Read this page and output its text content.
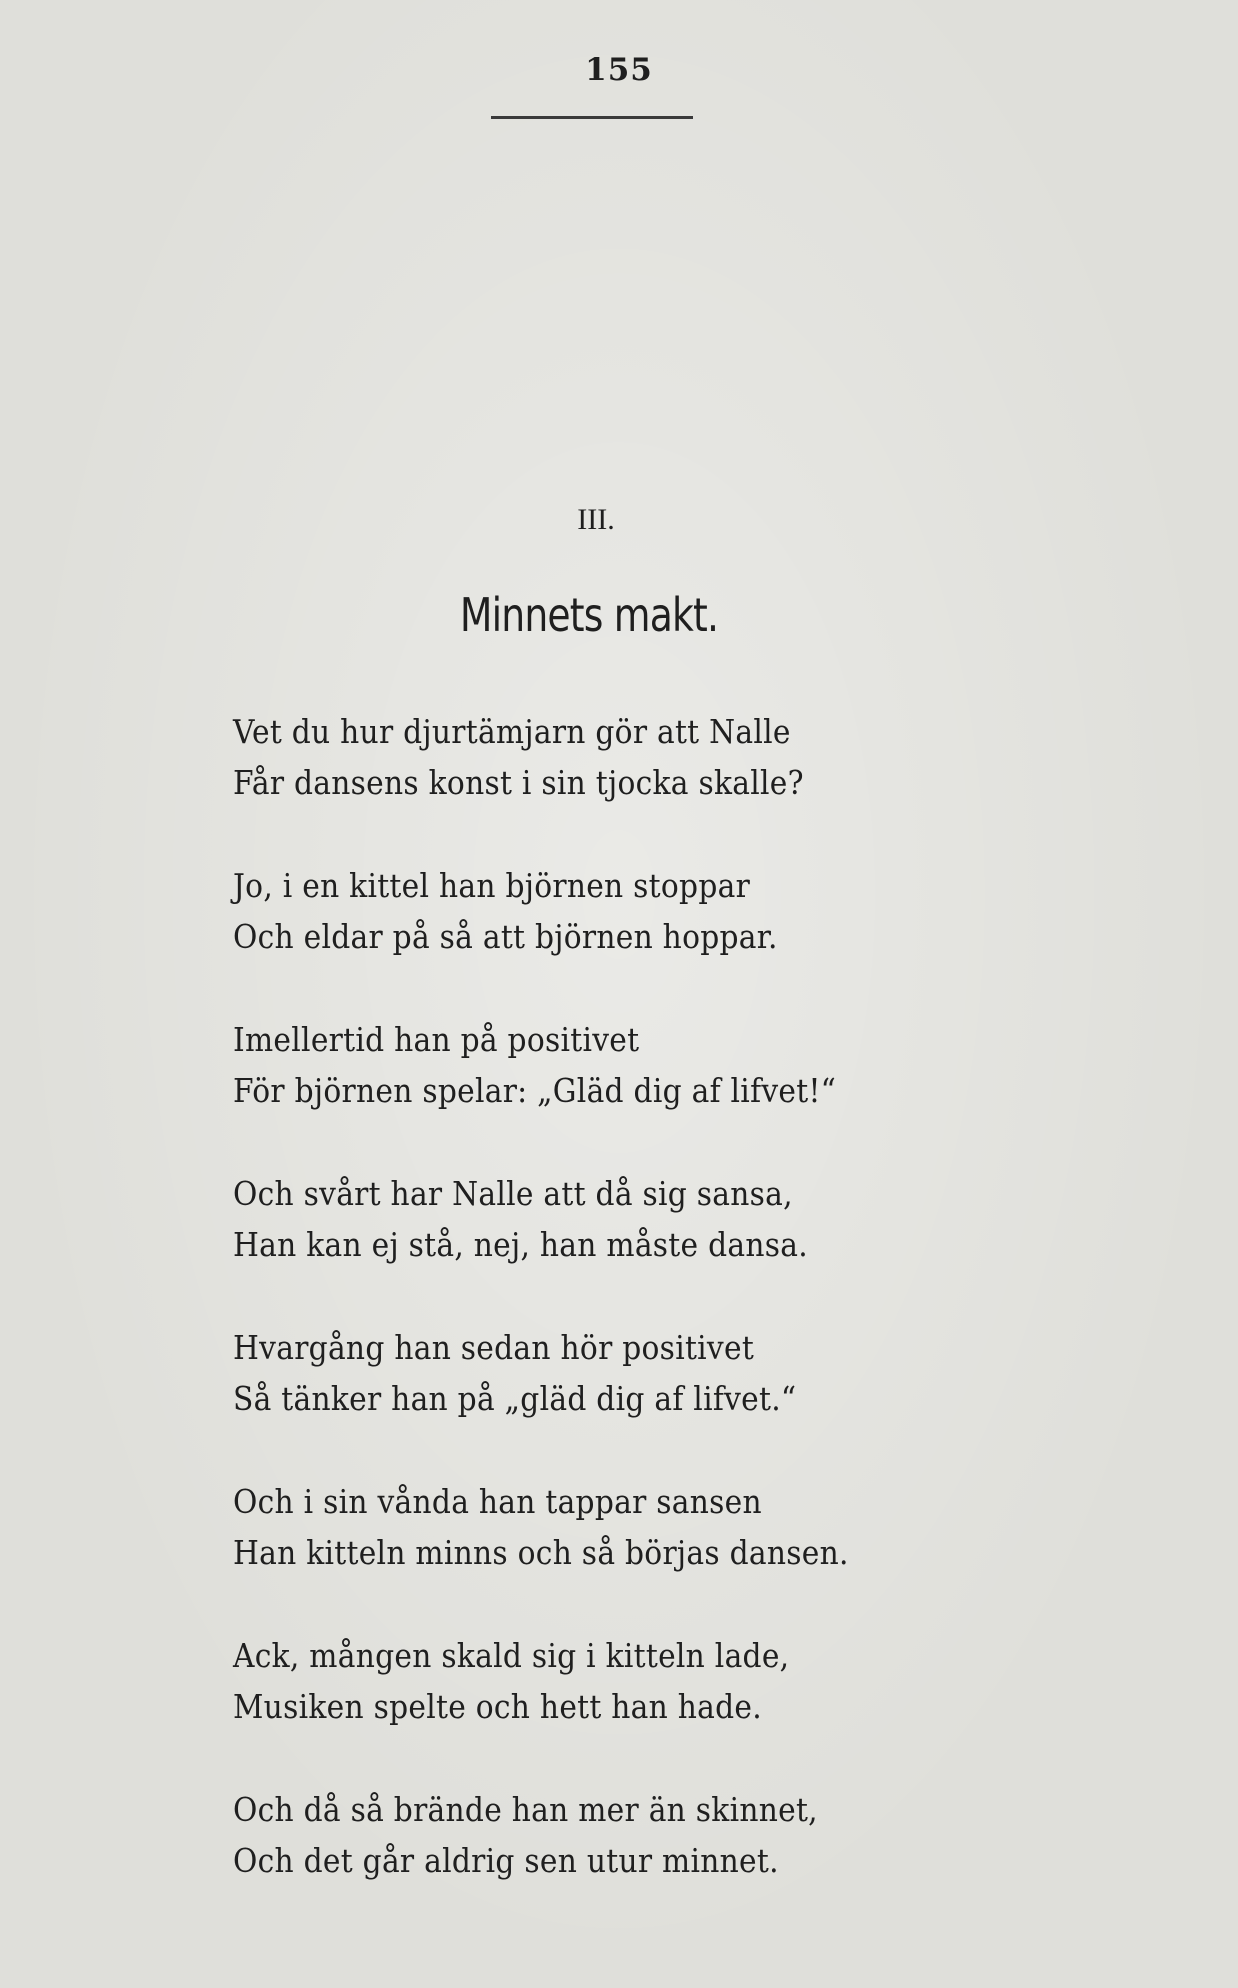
155
III.
Minnets makt.
Vet du hur djurtämjarn gör att Nalle
Får dansens konst i sin tjocka skalle?
Jo, i en kittel han björnen stoppar
Och eldar på så att björnen hoppar.
Imellertid han på positivet
För björnen spelar: „Gläd dig af lifvet!“
Och svårt har Nalle att då sig sansa,
Han kan ej stå, nej, han måste dansa.
Hvargång han sedan hör positivet
Så tänker han på „gläd dig af lifvet.“
Och i sin vånda han tappar sansen
Han kitteln minns och så börjas dansen.
Ack, mången skald sig i kitteln lade,
Musiken spelte och hett han hade.
Och då så brände han mer än skinnet,
Och det går aldrig sen utur minnet.
